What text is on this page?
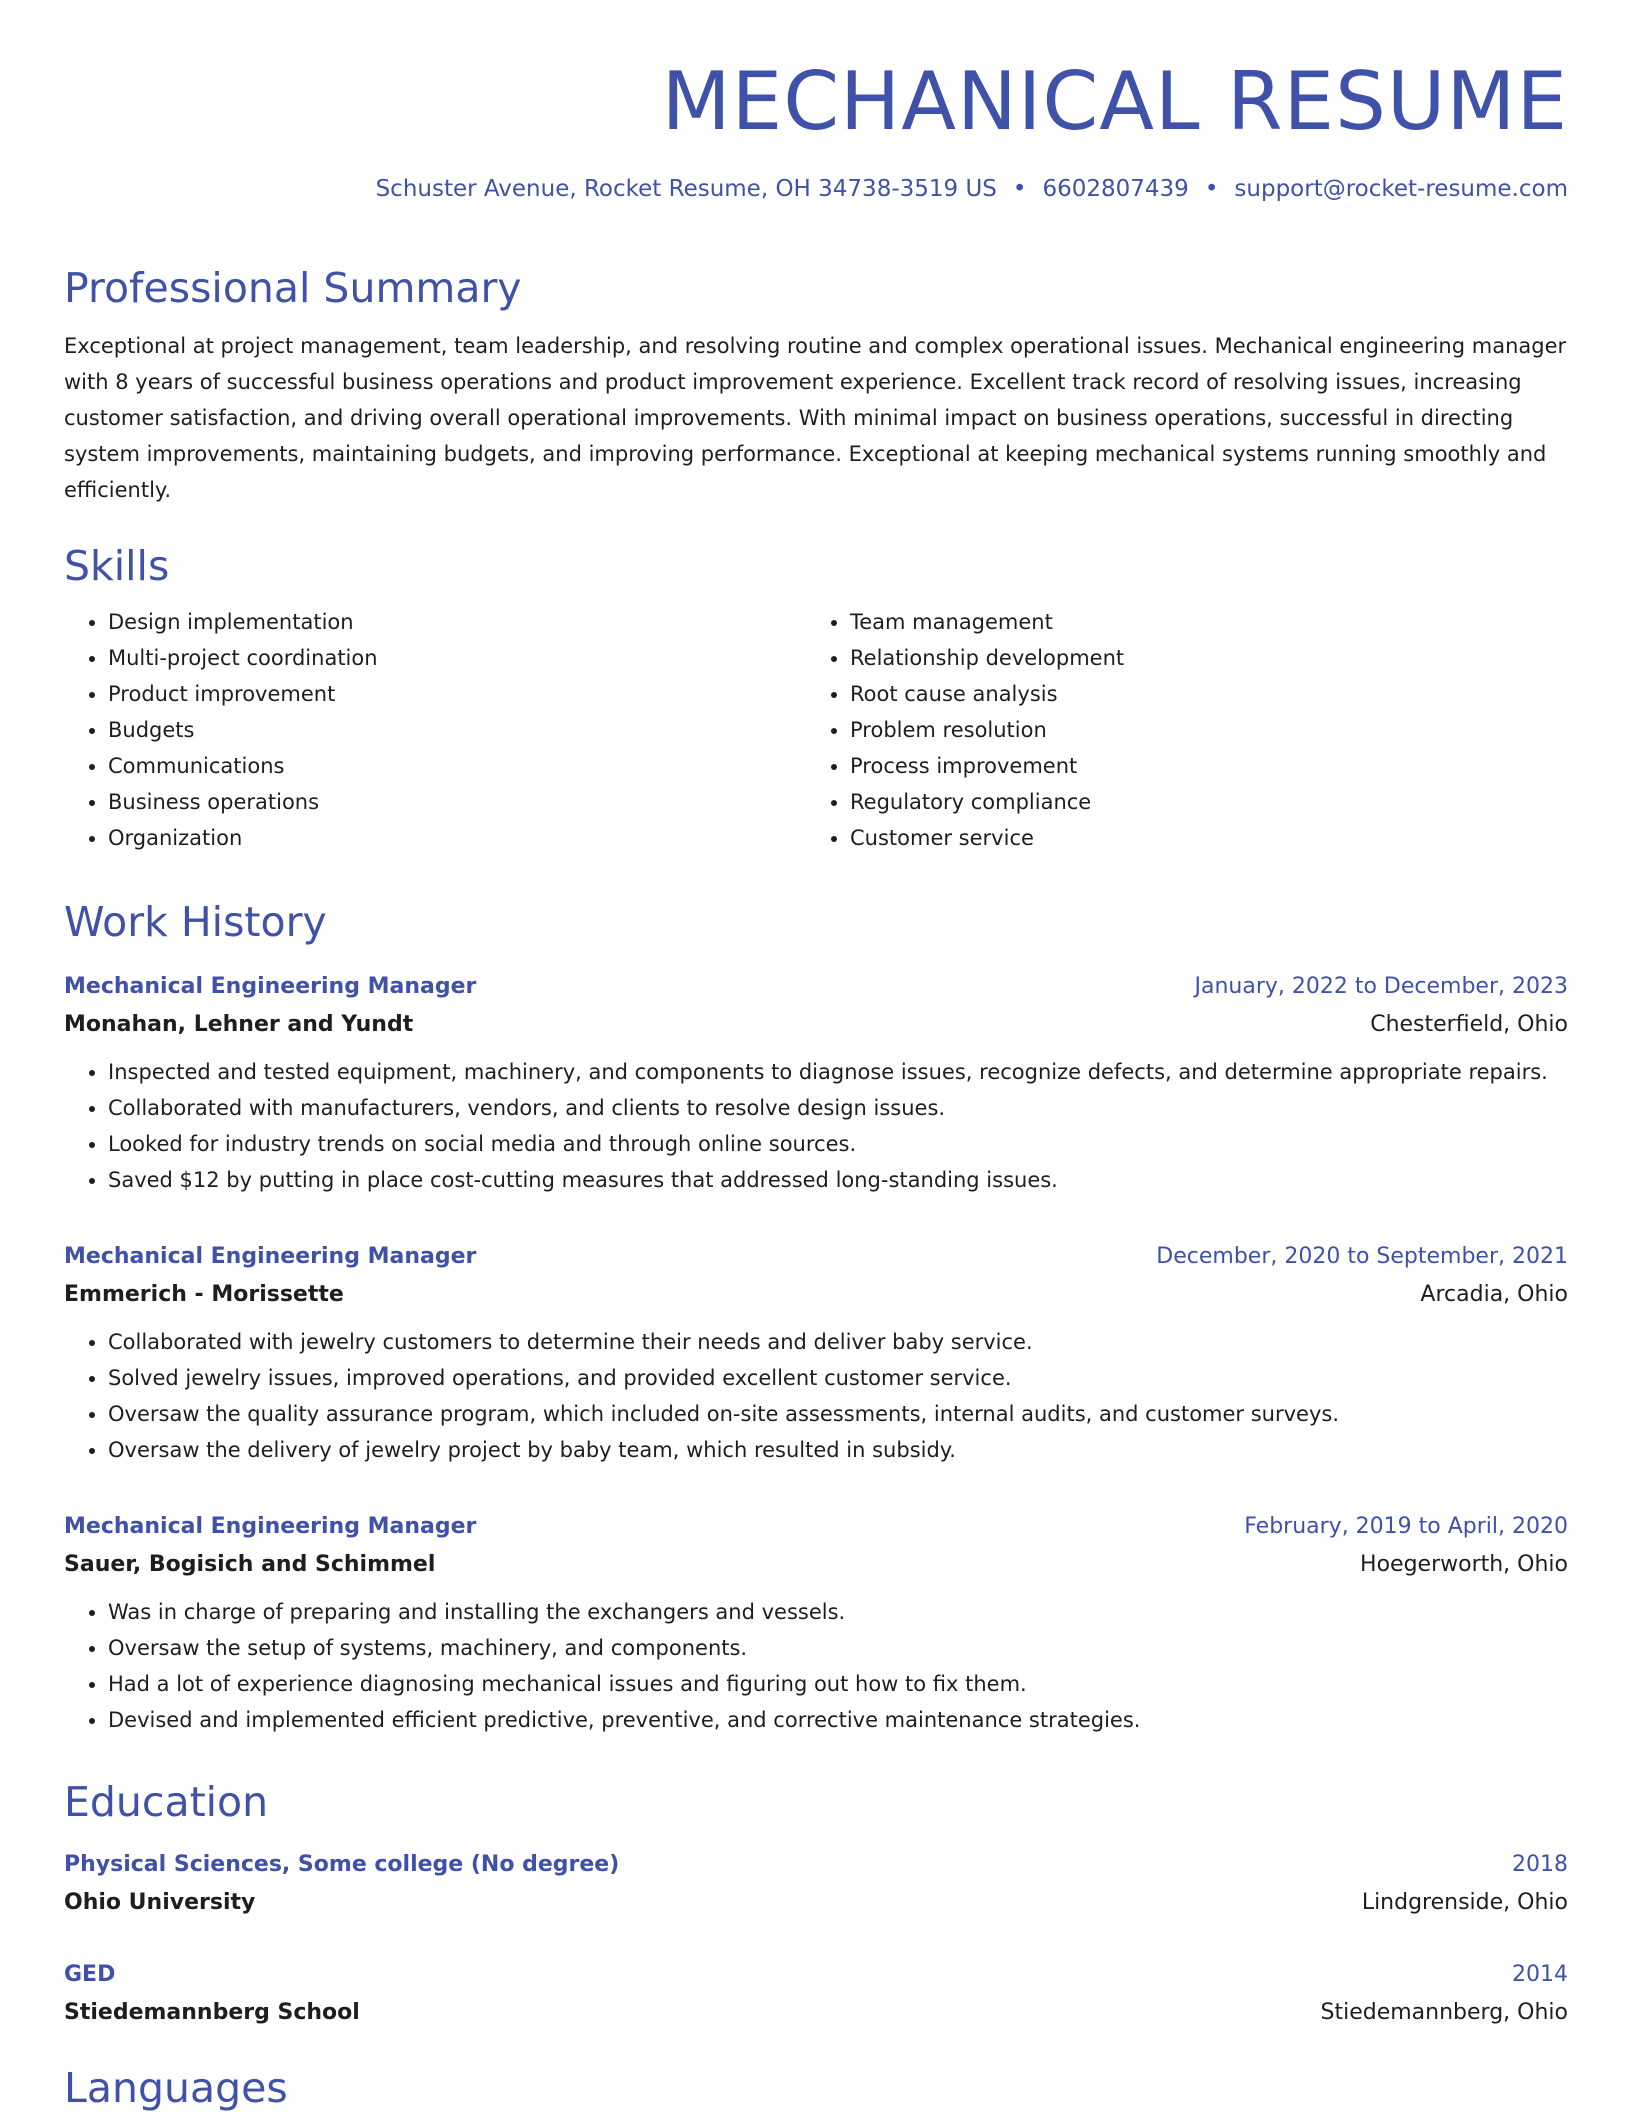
MECHANICAL RESUME
Schuster Avenue, Rocket Resume, OH 34738-3519 US • 6602807439 • support@rocket-resume.com
Professional Summary

Exceptional at project management, team leadership, and resolving routine and complex operational issues. Mechanical engineering manager with 8 years of successful business operations and product improvement experience. Excellent track record of resolving issues, increasing customer satisfaction, and driving overall operational improvements. With minimal impact on business operations, successful in directing system improvements, maintaining budgets, and improving performance. Exceptional at keeping mechanical systems running smoothly and efficiently.

Skills
• Design implementation
• Multi-project coordination
• Product improvement
• Budgets
• Communications
• Business operations
• Organization
• Team management
• Relationship development
• Root cause analysis
• Problem resolution
• Process improvement
• Regulatory compliance
• Customer service
Work History
Mechanical Engineering Manager	January, 2022 to December, 2023
Monahan, Lehner and Yundt	Chesterfield, Ohio
• Inspected and tested equipment, machinery, and components to diagnose issues, recognize defects, and determine appropriate repairs.
• Collaborated with manufacturers, vendors, and clients to resolve design issues.
• Looked for industry trends on social media and through online sources.
• Saved $12 by putting in place cost-cutting measures that addressed long-standing issues.
Mechanical Engineering Manager	December, 2020 to September, 2021
Emmerich - Morissette	Arcadia, Ohio
• Collaborated with jewelry customers to determine their needs and deliver baby service.
• Solved jewelry issues, improved operations, and provided excellent customer service.
• Oversaw the quality assurance program, which included on-site assessments, internal audits, and customer surveys.
• Oversaw the delivery of jewelry project by baby team, which resulted in subsidy.
Mechanical Engineering Manager	February, 2019 to April, 2020
Sauer, Bogisich and Schimmel	Hoegerworth, Ohio
• Was in charge of preparing and installing the exchangers and vessels.
• Oversaw the setup of systems, machinery, and components.
• Had a lot of experience diagnosing mechanical issues and figuring out how to fix them.
• Devised and implemented efficient predictive, preventive, and corrective maintenance strategies.
Education
Physical Sciences, Some college (No degree)	2018
Ohio University	Lindgrenside, Ohio
GED	2014
Stiedemannberg School	Stiedemannberg, Ohio
Languages
